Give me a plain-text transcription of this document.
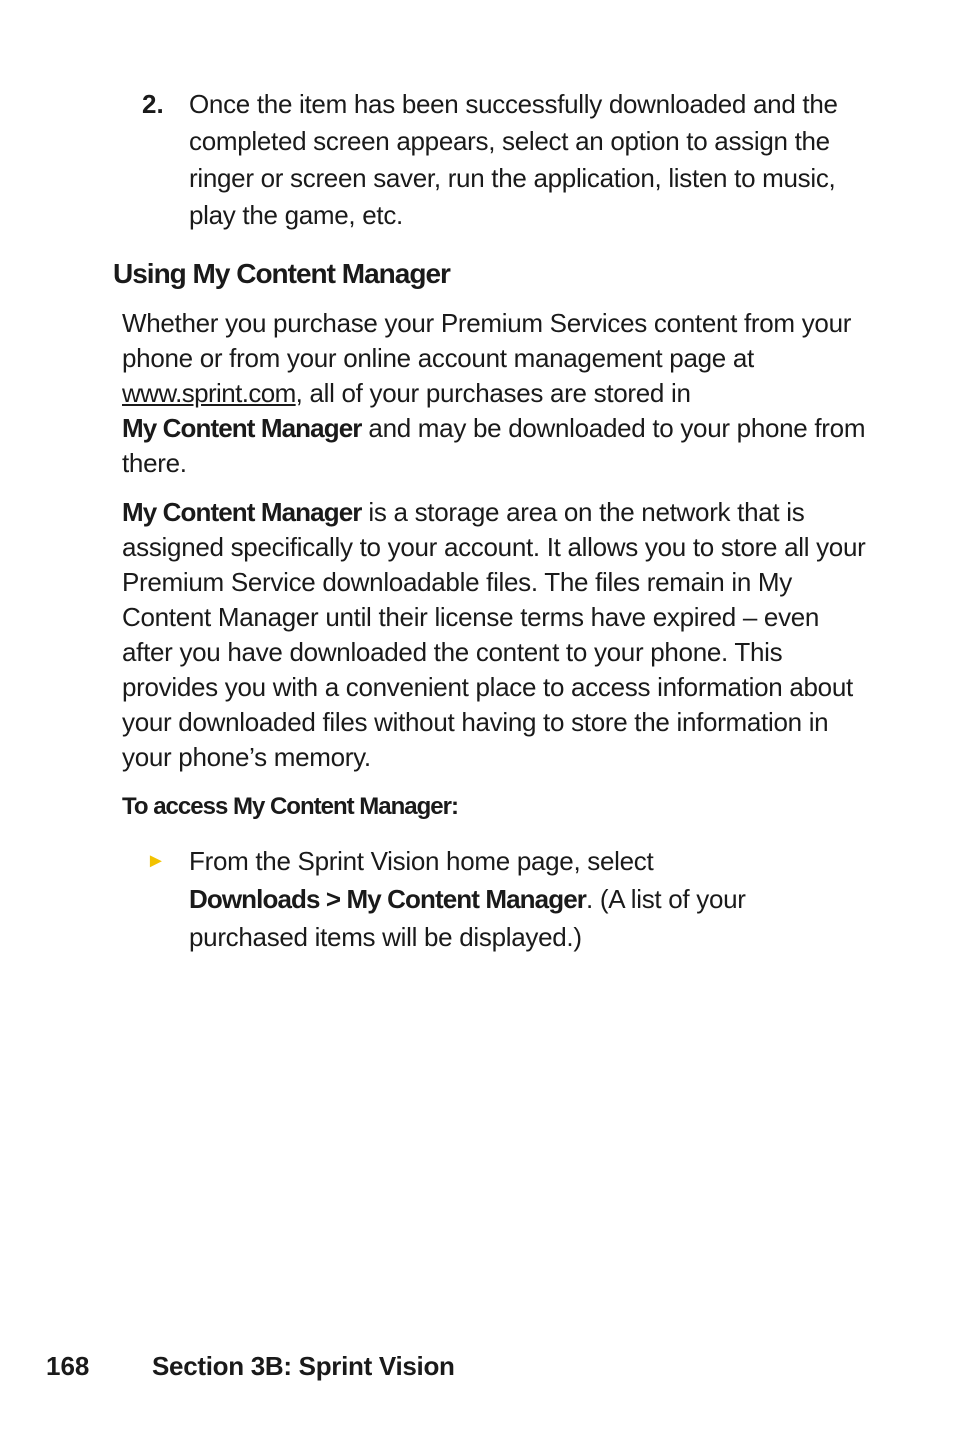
2. Once the item has been successfully downloaded and the completed screen appears, select an option to assign the ringer or screen saver, run the application, listen to music, play the game, etc.
Using My Content Manager

Whether you purchase your Premium Services content from your phone or from your online account management page at www.sprint.com, all of your purchases are stored in
My Content Manager and may be downloaded to your phone from there.

My Content Manager is a storage area on the network that is assigned specifically to your account. It allows you to store all your Premium Service downloadable files. The files remain in My Content Manager until their license terms have expired – even after you have downloaded the content to your phone. This provides you with a convenient place to access information about your downloaded files without having to store the information in your phone’s memory.

To access My Content Manager:
► From the Sprint Vision home page, select
Downloads > My Content Manager. (A list of your purchased items will be displayed.)
168	Section 3B: Sprint Vision
